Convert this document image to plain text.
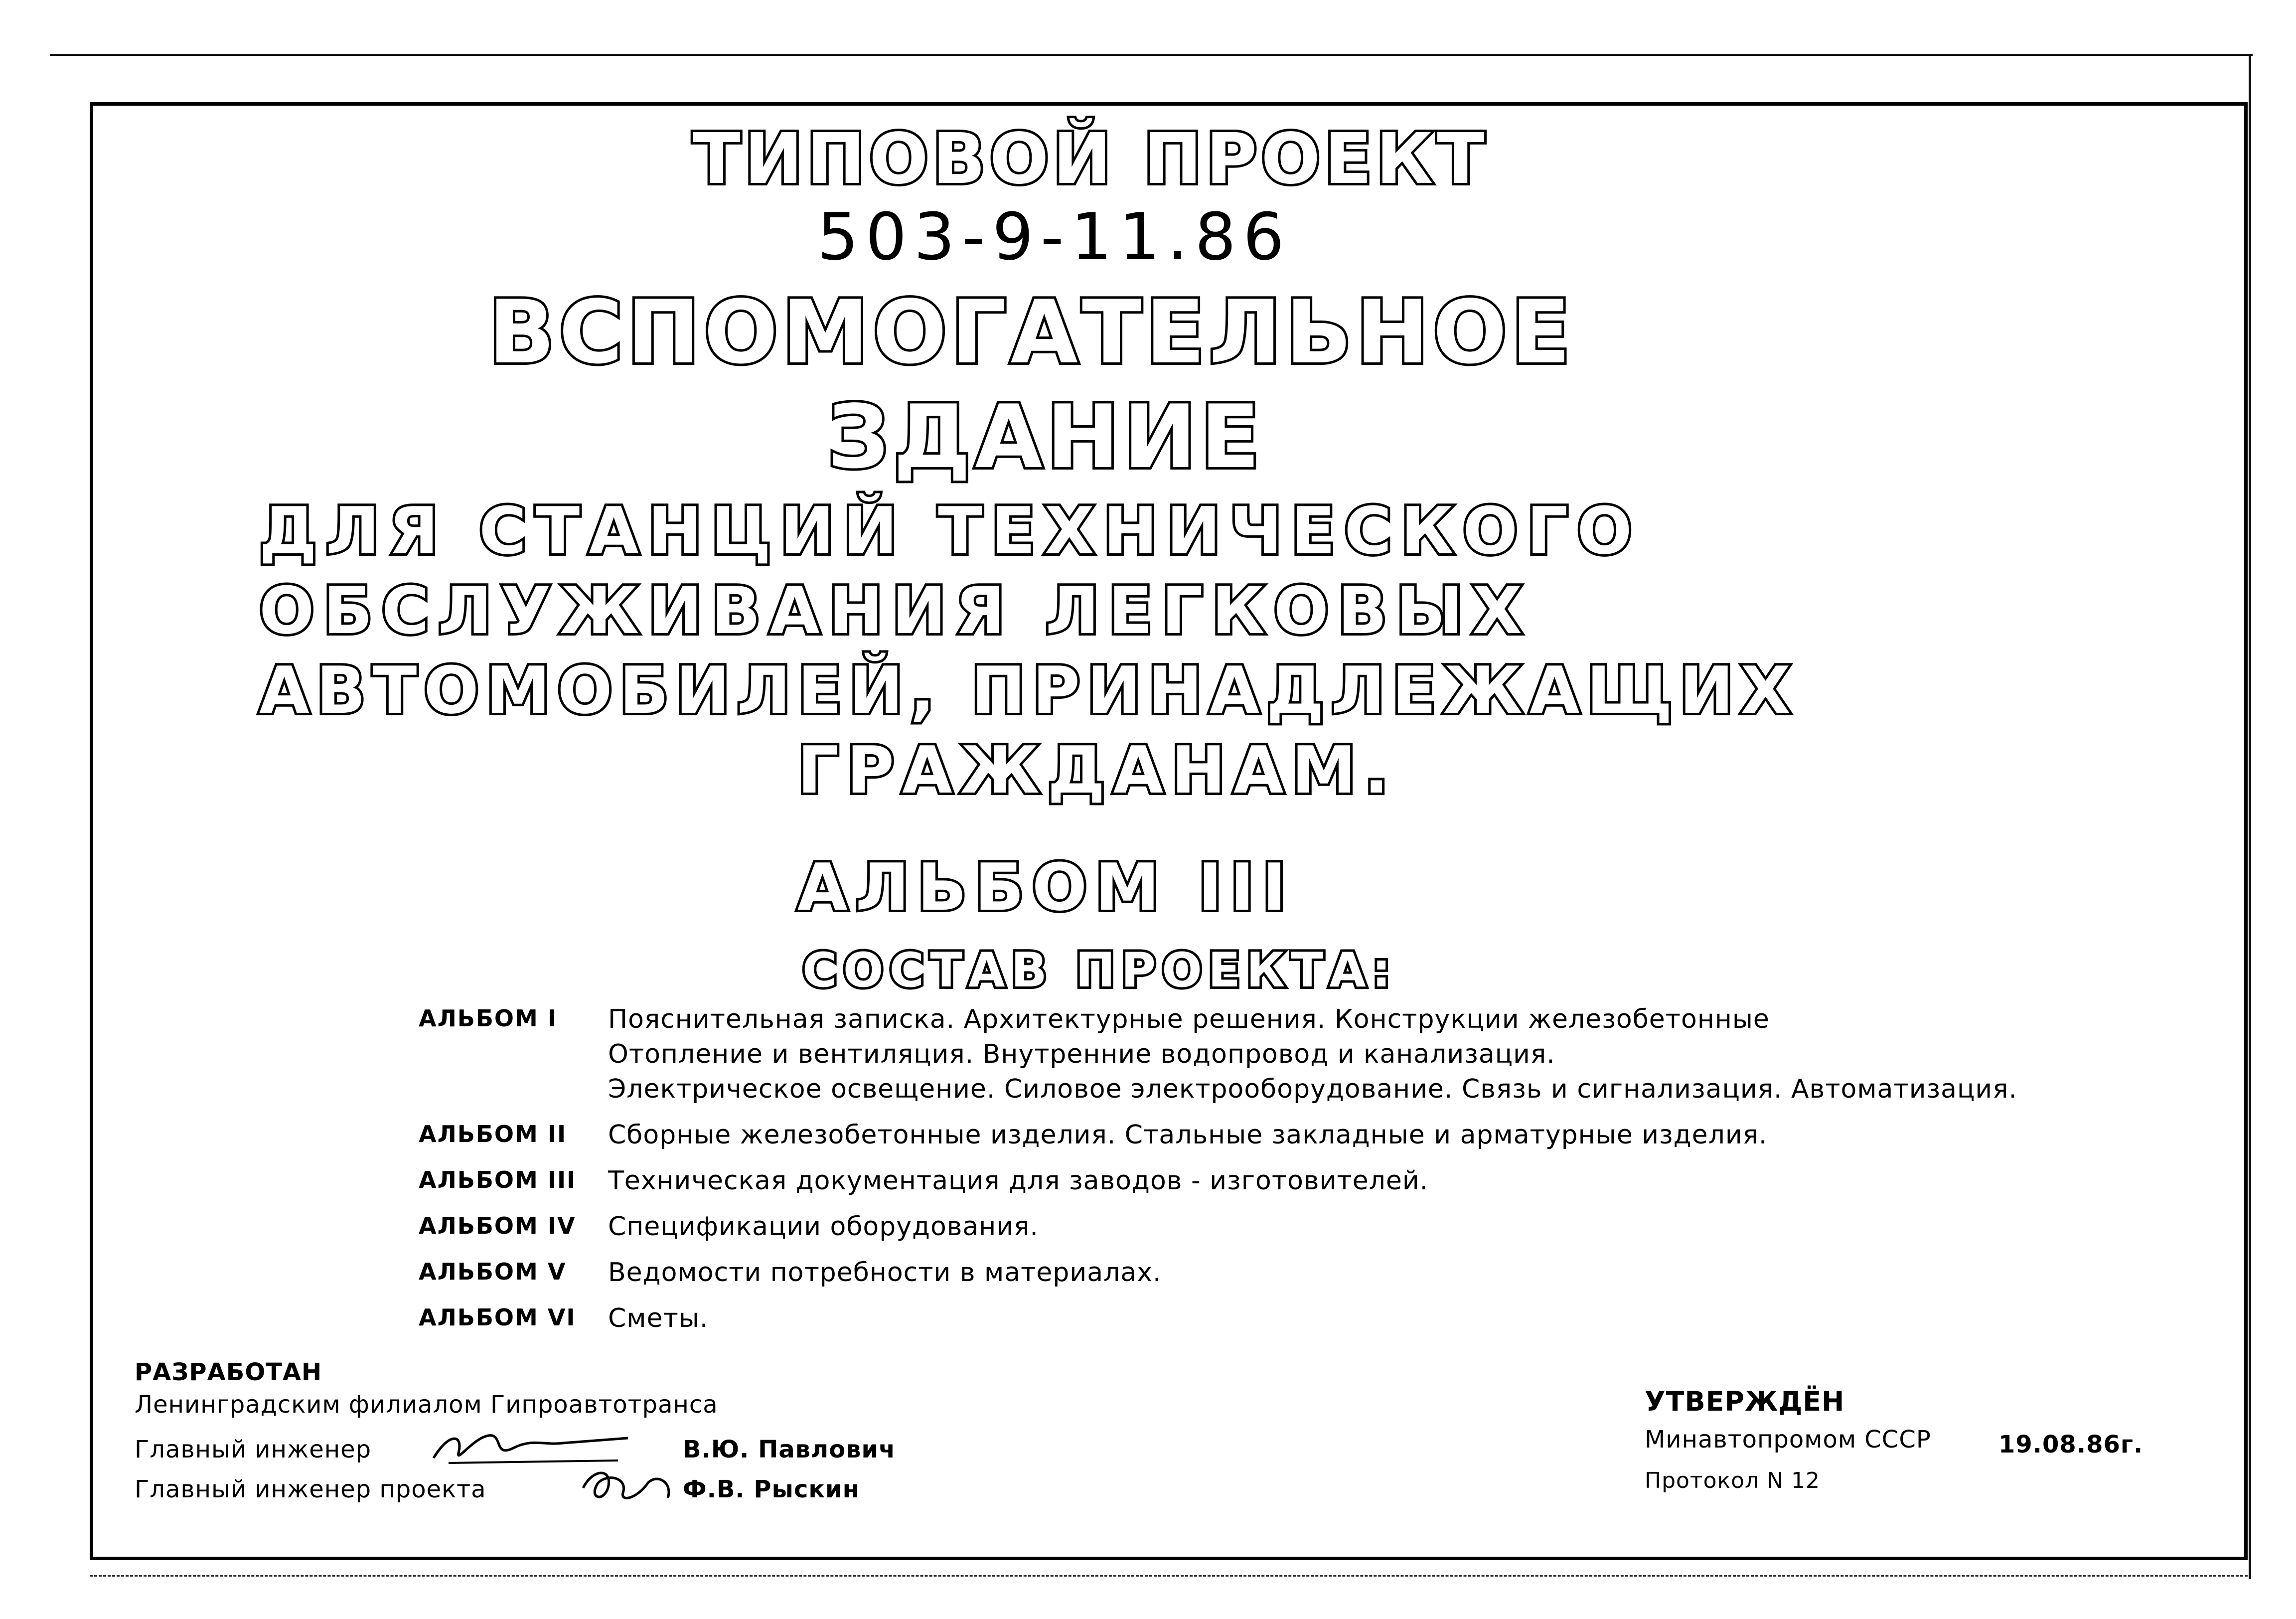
ТИПОВОЙ ПРОЕКТ
503-9-11.86
ВСПОМОГАТЕЛЬНОЕ
ЗДАНИЕ
ДЛЯ СТАНЦИЙ ТЕХНИЧЕСКОГО
ОБСЛУЖИВАНИЯ ЛЕГКОВЫХ
АВТОМОБИЛЕЙ, ПРИНАДЛЕЖАЩИХ
ГРАЖДАНАМ.
АЛЬБОМ III
СОСТАВ ПРОЕКТА:
АЛЬБОМ I	Пояснительная записка. Архитектурные решения. Конструкции железобетонные
Отопление и вентиляция. Внутренние водопровод и канализация.
Электрическое освещение. Силовое электрооборудование. Связь и сигнализация. Автоматизация.
АЛЬБОМ II	Сборные железобетонные изделия. Стальные закладные и арматурные изделия.
АЛЬБОМ III	Техническая документация для заводов - изготовителей.
АЛЬБОМ IV	Спецификации оборудования.
АЛЬБОМ V	Ведомости потребности в материалах.
АЛЬБОМ VI	Сметы.
РАЗРАБОТАН
Ленинградским филиалом Гипроавтотранса
Главный инженер	В.Ю. Павлович
Главный инженер проекта	Ф.В. Рыскин
УТВЕРЖДЁН
Минавтопромом СССР	19.08.86г.
Протокол N 12
